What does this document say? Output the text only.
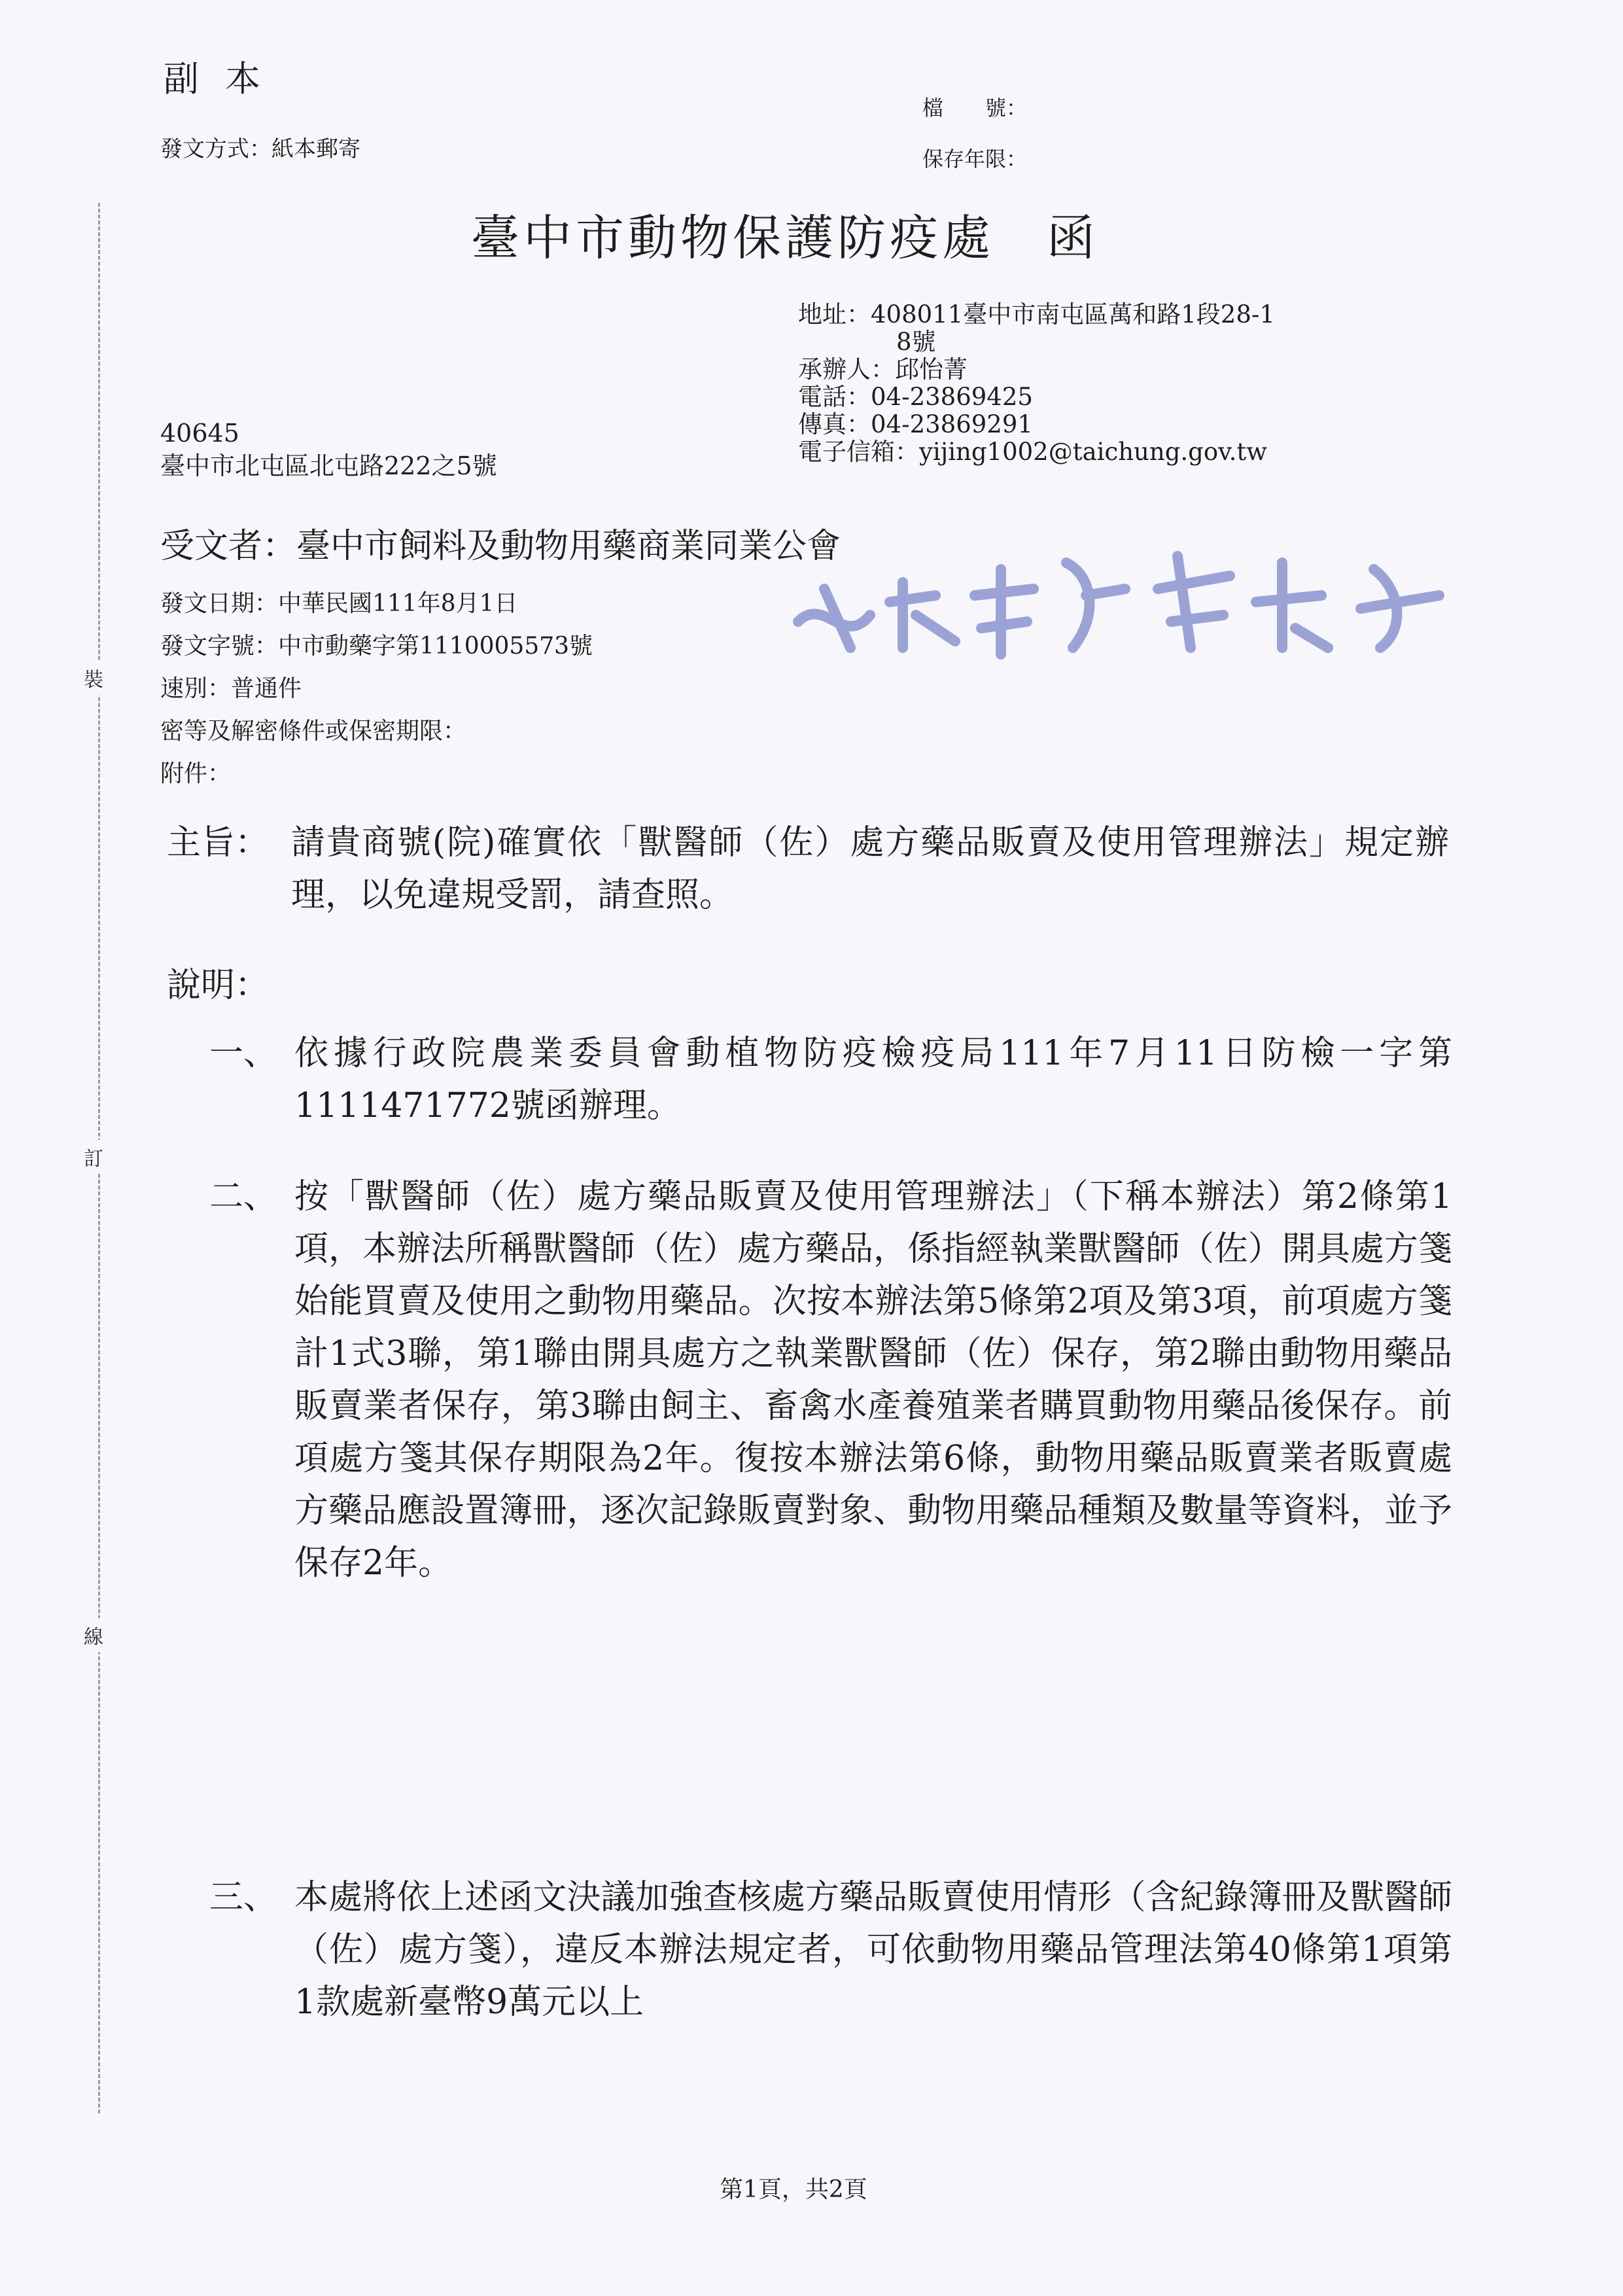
副本
發文方式：紙本郵寄
檔　　號：
保存年限：
臺中市動物保護防疫處　函
地址：408011臺中市南屯區萬和路1段28-1
8號
承辦人：邱怡菁
電話：04-23869425
傳真：04-23869291
電子信箱：yijing1002@taichung.gov.tw
40645
臺中市北屯區北屯路222之5號
受文者：臺中市飼料及動物用藥商業同業公會
發文日期：中華民國111年8月1日
發文字號：中市動藥字第1110005573號
速別：普通件
密等及解密條件或保密期限：
附件：
裝
訂
線
主旨： 請貴商號(院)確實依「獸醫師（佐）處方藥品販賣及使用管理辦法」規定辦理，以免違規受罰，請查照。
說明：
一、 依據行政院農業委員會動植物防疫檢疫局111年7月11日防檢一字第1111471772號函辦理。
二、 按「獸醫師（佐）處方藥品販賣及使用管理辦法」（下稱本辦法）第2條第1項，本辦法所稱獸醫師（佐）處方藥品，係指經執業獸醫師（佐）開具處方箋始能買賣及使用之動物用藥品。次按本辦法第5條第2項及第3項，前項處方箋計1式3聯，第1聯由開具處方之執業獸醫師（佐）保存，第2聯由動物用藥品販賣業者保存，第3聯由飼主、畜禽水產養殖業者購買動物用藥品後保存。前項處方箋其保存期限為2年。復按本辦法第6條，動物用藥品販賣業者販賣處方藥品應設置簿冊，逐次記錄販賣對象、動物用藥品種類及數量等資料，並予保存2年。
三、 本處將依上述函文決議加強查核處方藥品販賣使用情形（含紀錄簿冊及獸醫師（佐）處方箋），違反本辦法規定者，可依動物用藥品管理法第40條第1項第1款處新臺幣9萬元以上
第1頁，共2頁
